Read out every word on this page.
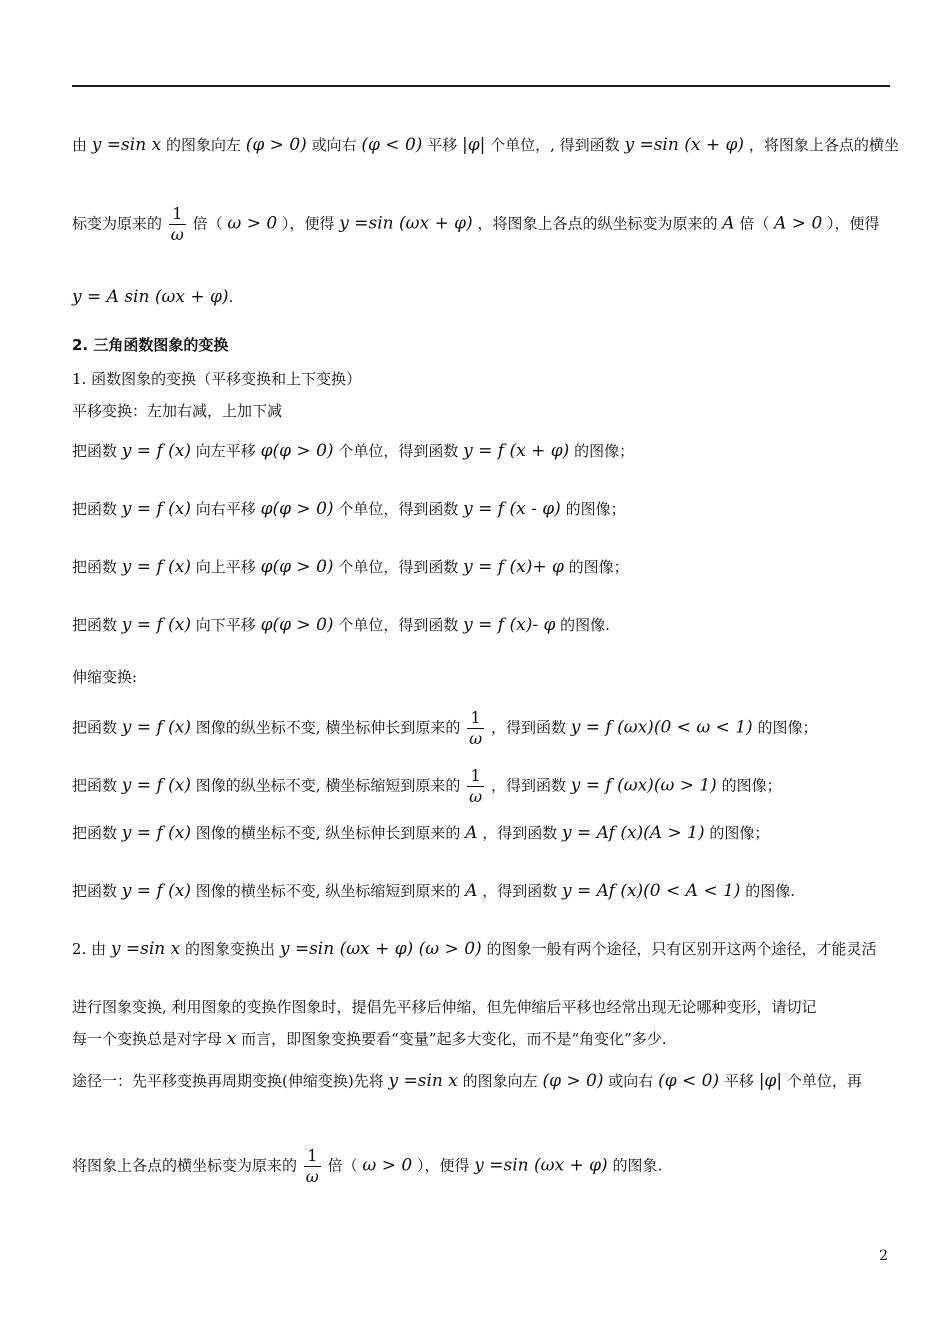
由 y =sin x 的图象向左 (φ > 0) 或向右 (φ < 0) 平移 |φ| 个单位，, 得到函数 y =sin (x + φ) ，将图象上各点的横坐
标变为原来的 $\frac{1}{\omega}$ 倍（ ω > 0 ），便得 y =sin (ωx + φ) ，将图象上各点的纵坐标变为原来的 A 倍（ A > 0 ），便得
y = A sin (ωx + φ).
2. 三角函数图象的变换
1. 函数图象的变换（平移变换和上下变换）
平移变换：左加右减，上加下减
把函数 y = f (x) 向左平移 φ(φ > 0) 个单位，得到函数 y = f (x + φ) 的图像；
把函数 y = f (x) 向右平移 φ(φ > 0) 个单位，得到函数 y = f (x - φ) 的图像；
把函数 y = f (x) 向上平移 φ(φ > 0) 个单位，得到函数 y = f (x)+ φ 的图像；
把函数 y = f (x) 向下平移 φ(φ > 0) 个单位，得到函数 y = f (x)- φ 的图像.
伸缩变换:
把函数 y = f (x) 图像的纵坐标不变, 横坐标伸长到原来的 $\frac{1}{\omega}$ ，得到函数 y = f (ωx)(0 < ω < 1) 的图像；
把函数 y = f (x) 图像的纵坐标不变, 横坐标缩短到原来的 $\frac{1}{\omega}$ ，得到函数 y = f (ωx)(ω > 1) 的图像；
把函数 y = f (x) 图像的横坐标不变, 纵坐标伸长到原来的 A ，得到函数 y = Af (x)(A > 1) 的图像；
把函数 y = f (x) 图像的横坐标不变, 纵坐标缩短到原来的 A ，得到函数 y = Af (x)(0 < A < 1) 的图像.
2. 由 y =sin x 的图象变换出 y =sin (ωx + φ) (ω > 0) 的图象一般有两个途径，只有区别开这两个途径，才能灵活
进行图象变换, 利用图象的变换作图象时，提倡先平移后伸缩，但先伸缩后平移也经常出现无论哪种变形，请切记
每一个变换总是对字母 x 而言，即图象变换要看“变量”起多大变化，而不是“角变化”多少.
途径一：先平移变换再周期变换(伸缩变换)先将 y =sin x 的图象向左 (φ > 0) 或向右 (φ < 0) 平移 |φ| 个单位，再
将图象上各点的横坐标变为原来的 $\frac{1}{\omega}$ 倍（ ω > 0 ），便得 y =sin (ωx + φ) 的图象.
2
